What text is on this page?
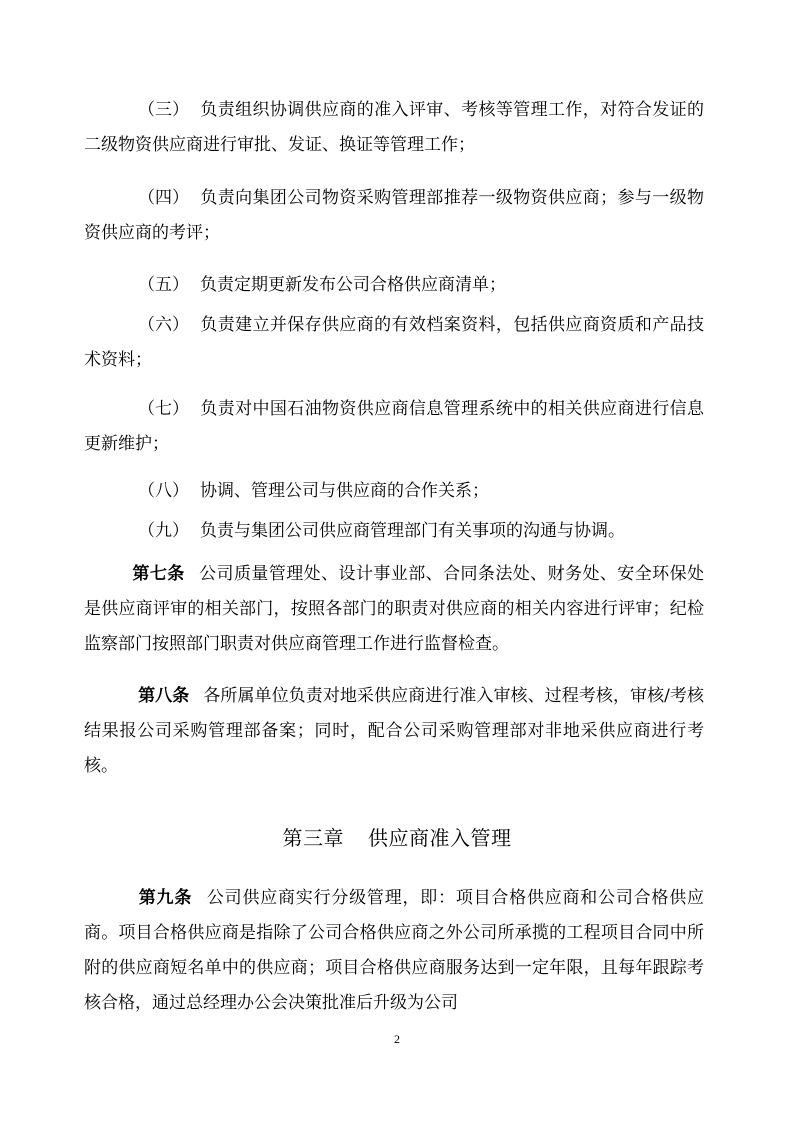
（三） 负责组织协调供应商的准入评审、考核等管理工作，对符合发证的二级物资供应商进行审批、发证、换证等管理工作；
（四） 负责向集团公司物资采购管理部推荐一级物资供应商；参与一级物资供应商的考评；
（五） 负责定期更新发布公司合格供应商清单；
（六） 负责建立并保存供应商的有效档案资料，包括供应商资质和产品技术资料；
（七） 负责对中国石油物资供应商信息管理系统中的相关供应商进行信息更新维护；
（八） 协调、管理公司与供应商的合作关系；
（九） 负责与集团公司供应商管理部门有关事项的沟通与协调。
第七条 公司质量管理处、设计事业部、合同条法处、财务处、安全环保处是供应商评审的相关部门，按照各部门的职责对供应商的相关内容进行评审；纪检监察部门按照部门职责对供应商管理工作进行监督检查。
第八条 各所属单位负责对地采供应商进行准入审核、过程考核，审核/考核结果报公司采购管理部备案；同时，配合公司采购管理部对非地采供应商进行考核。
第三章 供应商准入管理
第九条 公司供应商实行分级管理，即：项目合格供应商和公司合格供应商。项目合格供应商是指除了公司合格供应商之外公司所承揽的工程项目合同中所附的供应商短名单中的供应商；项目合格供应商服务达到一定年限，且每年跟踪考核合格，通过总经理办公会决策批准后升级为公司
2
